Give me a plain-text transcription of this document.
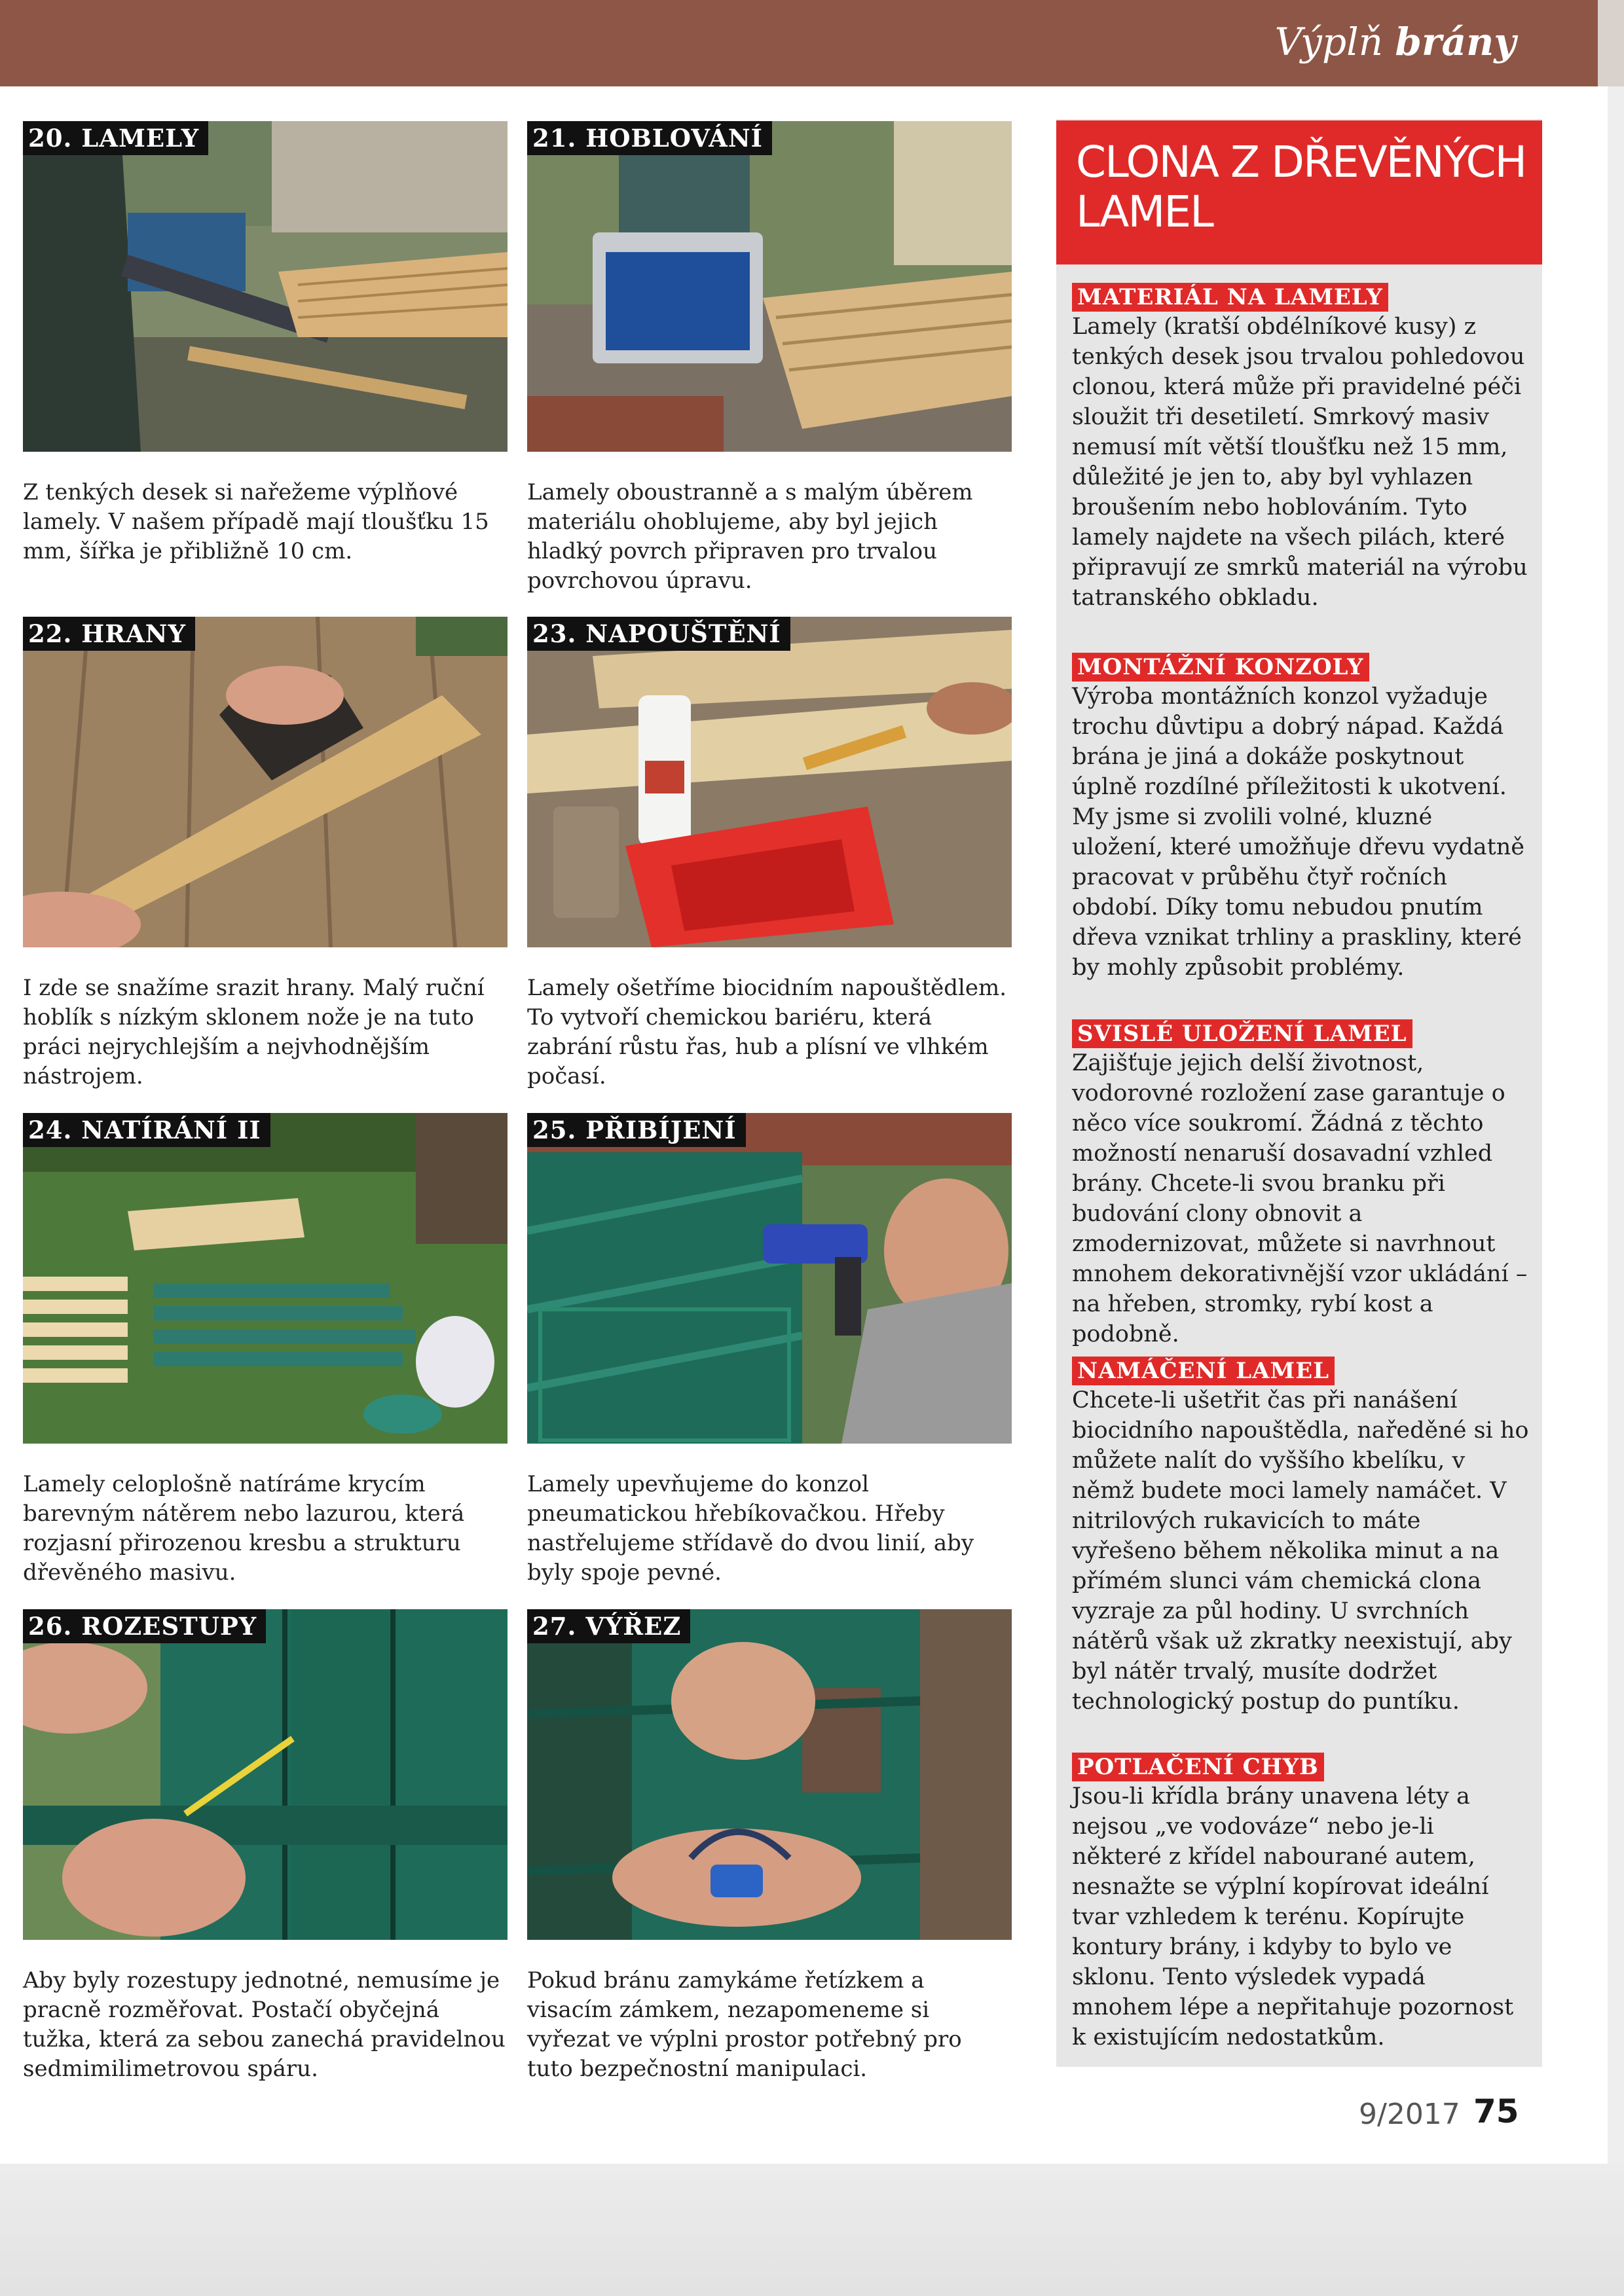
Výplň brány
20. LAMELY
Z tenkých desek si nařežeme výplňové lamely. V našem případě mají tloušťku 15 mm, šířka je přibližně 10 cm.
21. HOBLOVÁNÍ
Lamely oboustranně a s malým úběrem materiálu ohoblujeme, aby byl jejich hladký povrch připraven pro trvalou povrchovou úpravu.
22. HRANY
I zde se snažíme srazit hrany. Malý ruční hoblík s nízkým sklonem nože je na tuto práci nejrychlejším a nejvhodnějším nástrojem.
23. NAPOUŠTĚNÍ
Lamely ošetříme biocidním napouštědlem. To vytvoří chemickou bariéru, která zabrání růstu řas, hub a plísní ve vlhkém počasí.
24. NATÍRÁNÍ II
Lamely celoplošně natíráme krycím barevným nátěrem nebo lazurou, která rozjasní přirozenou kresbu a strukturu dřevěného masivu.
25. PŘIBÍJENÍ
Lamely upevňujeme do konzol pneumatickou hřebíkovačkou. Hřeby nastřelujeme střídavě do dvou linií, aby byly spoje pevné.
26. ROZESTUPY
Aby byly rozestupy jednotné, nemusíme je pracně rozměřovat. Postačí obyčejná tužka, která za sebou zanechá pravidelnou sedmimilimetrovou spáru.
27. VÝŘEZ
Pokud bránu zamykáme řetízkem a visacím zámkem, nezapomeneme si vyřezat ve výplni prostor potřebný pro tuto bezpečnostní manipulaci.
CLONA Z DŘEVĚNÝCH LAMEL
MATERIÁL NA LAMELY
Lamely (kratší obdélníkové kusy) z tenkých desek jsou trvalou pohledovou clonou, která může při pravidelné péči sloužit tři desetiletí. Smrkový masiv nemusí mít větší tloušťku než 15 mm, důležité je jen to, aby byl vyhlazen broušením nebo hoblováním. Tyto lamely najdete na všech pilách, které připravují ze smrků materiál na výrobu tatranského obkladu.
MONTÁŽNÍ KONZOLY
Výroba montážních konzol vyžaduje trochu důvtipu a dobrý nápad. Každá brána je jiná a dokáže poskytnout úplně rozdílné příležitosti k ukotvení. My jsme si zvolili volné, kluzné uložení, které umožňuje dřevu vydatně pracovat v průběhu čtyř ročních období. Díky tomu nebudou pnutím dřeva vznikat trhliny a praskliny, které by mohly způsobit problémy.
SVISLÉ ULOŽENÍ LAMEL
Zajišťuje jejich delší životnost, vodorovné rozložení zase garantuje o něco více soukromí. Žádná z těchto možností nenaruší dosavadní vzhled brány. Chcete-li svou branku při budování clony obnovit a zmodernizovat, můžete si navrhnout mnohem dekorativnější vzor ukládání – na hřeben, stromky, rybí kost a podobně.
NAMÁČENÍ LAMEL
Chcete-li ušetřit čas při nanášení biocidního napouštědla, naředěné si ho můžete nalít do vyššího kbelíku, v němž budete moci lamely namáčet. V nitrilových rukavicích to máte vyřešeno během několika minut a na přímém slunci vám chemická clona vyzraje za půl hodiny. U svrchních nátěrů však už zkratky neexistují, aby byl nátěr trvalý, musíte dodržet technologický postup do puntíku.
POTLAČENÍ CHYB
Jsou-li křídla brány unavena léty a nejsou „ve vodováze“ nebo je-li některé z křídel nabourané autem, nesnažte se výplní kopírovat ideální tvar vzhledem k terénu. Kopírujte kontury brány, i kdyby to bylo ve sklonu. Tento výsledek vypadá mnohem lépe a nepřitahuje pozornost k existujícím nedostatkům.
9/2017 75
